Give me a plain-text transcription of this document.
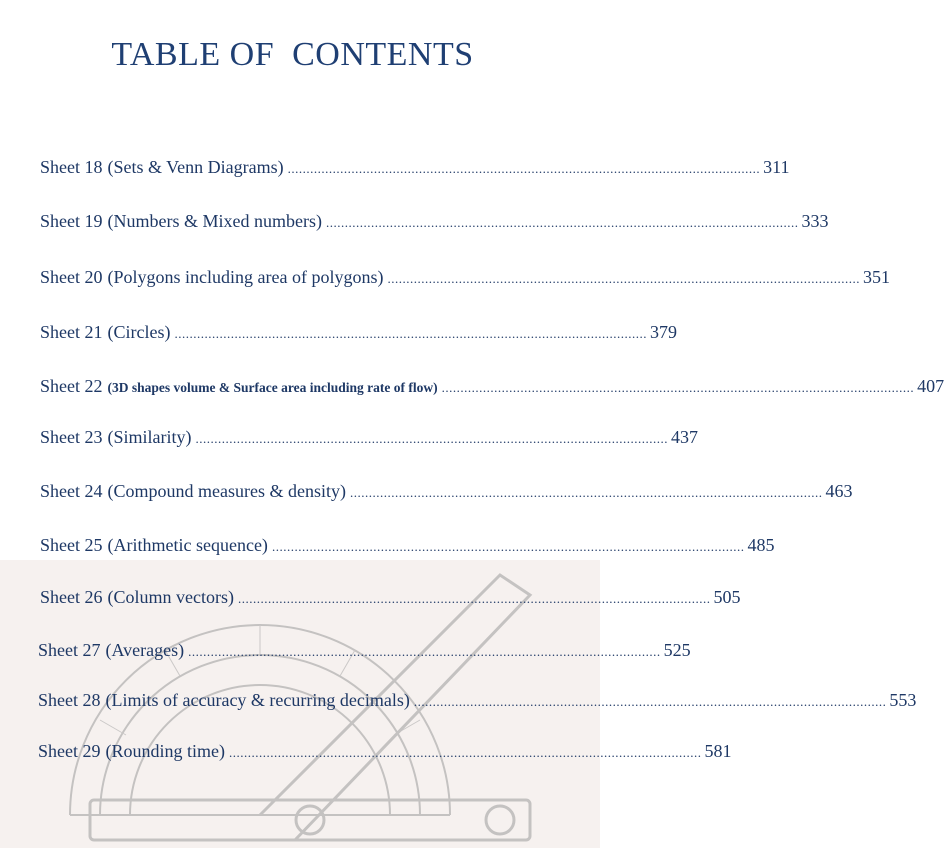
TABLE OF  CONTENTS
Sheet 18 (Sets & Venn Diagrams) .............................................................................................................................. 311
Sheet 19 (Numbers & Mixed numbers) .............................................................................................................................. 333
Sheet 20 (Polygons including area of polygons) .............................................................................................................................. 351
Sheet 21 (Circles) .............................................................................................................................. 379
Sheet 22 (3D shapes volume & Surface area including rate of flow) .............................................................................................................................. 407
Sheet 23 (Similarity) .............................................................................................................................. 437
Sheet 24 (Compound measures & density) .............................................................................................................................. 463
Sheet 25 (Arithmetic sequence) .............................................................................................................................. 485
Sheet 26 (Column vectors) .............................................................................................................................. 505
Sheet 27 (Averages) .............................................................................................................................. 525
Sheet 28 (Limits of accuracy & recurring decimals) .............................................................................................................................. 553
Sheet 29 (Rounding time) .............................................................................................................................. 581
